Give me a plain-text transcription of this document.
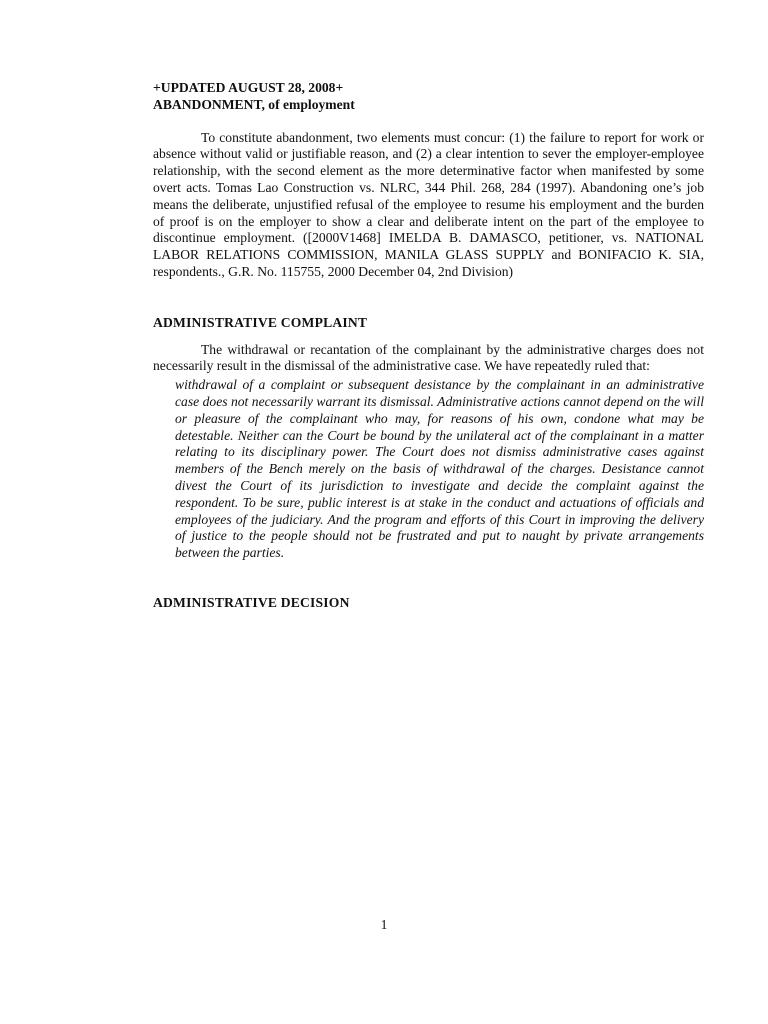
+UPDATED AUGUST 28, 2008+

ABANDONMENT, of employment

To constitute abandonment, two elements must concur: (1) the failure to report for work or absence without valid or justifiable reason, and (2) a clear intention to sever the employer-employee relationship, with the second element as the more determinative factor when manifested by some overt acts. Tomas Lao Construction vs. NLRC, 344 Phil. 268, 284 (1997). Abandoning one’s job means the deliberate, unjustified refusal of the employee to resume his employment and the burden of proof is on the employer to show a clear and deliberate intent on the part of the employee to discontinue employment. ([2000V1468] IMELDA B. DAMASCO, petitioner, vs. NATIONAL LABOR RELATIONS COMMISSION, MANILA GLASS SUPPLY and BONIFACIO K. SIA, respondents., G.R. No. 115755, 2000 December 04, 2nd Division)

ADMINISTRATIVE COMPLAINT

The withdrawal or recantation of the complainant by the administrative charges does not necessarily result in the dismissal of the administrative case. We have repeatedly ruled that:

withdrawal of a complaint or subsequent desistance by the complainant in an administrative case does not necessarily warrant its dismissal. Administrative actions cannot depend on the will or pleasure of the complainant who may, for reasons of his own, condone what may be detestable. Neither can the Court be bound by the unilateral act of the complainant in a matter relating to its disciplinary power. The Court does not dismiss administrative cases against members of the Bench merely on the basis of withdrawal of the charges. Desistance cannot divest the Court of its jurisdiction to investigate and decide the complaint against the respondent. To be sure, public interest is at stake in the conduct and actuations of officials and employees of the judiciary. And the program and efforts of this Court in improving the delivery of justice to the people should not be frustrated and put to naught by private arrangements between the parties.

ADMINISTRATIVE DECISION

1
